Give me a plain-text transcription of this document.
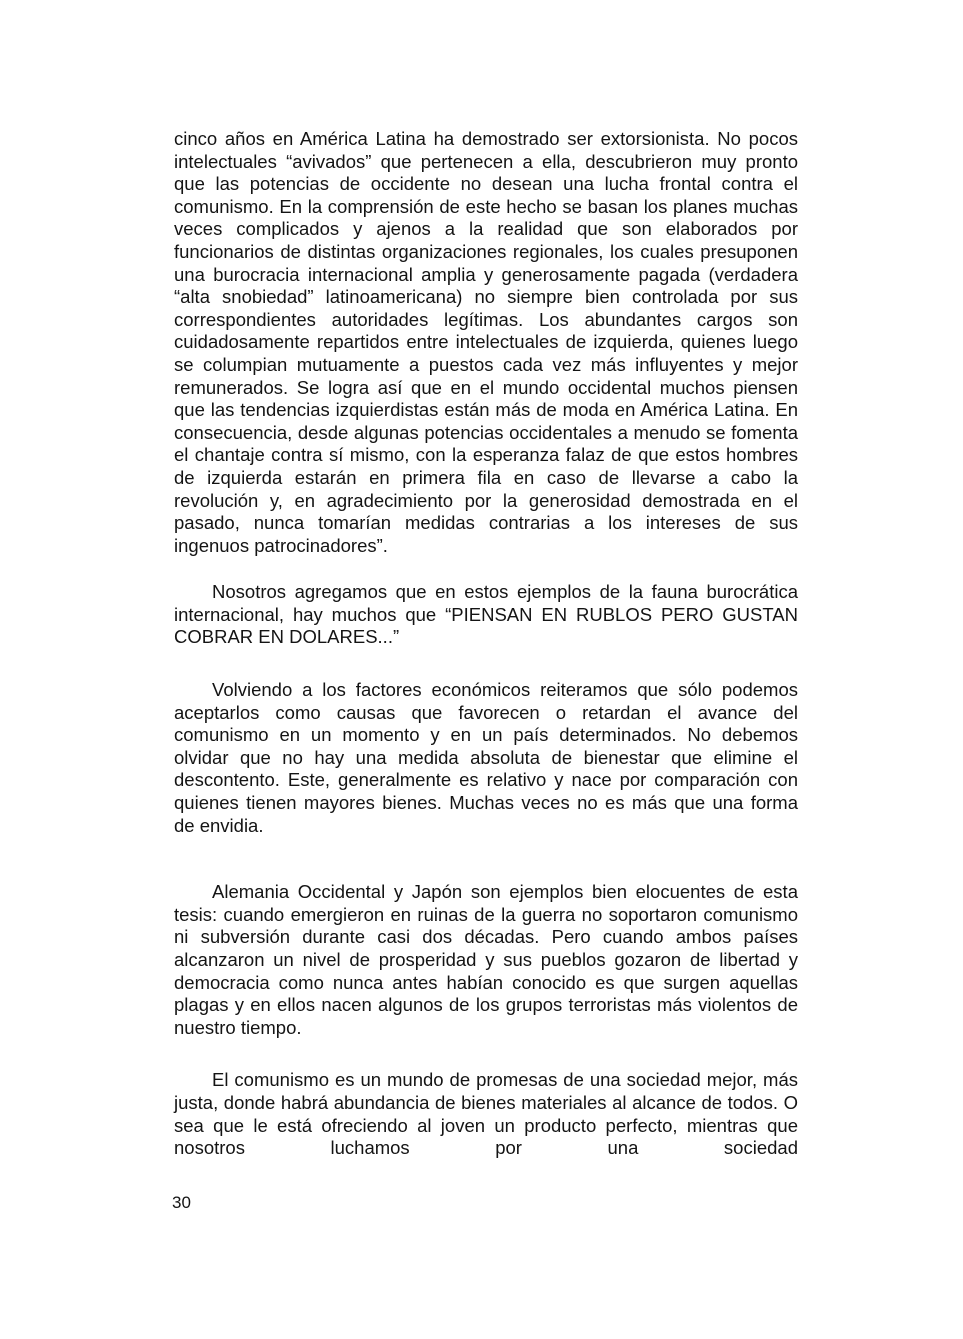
cinco años en América Latina ha demostrado ser extorsionista. No pocos intelectuales “avivados” que pertenecen a ella, descubrieron muy pronto que las potencias de occidente no desean una lucha frontal contra el comunismo. En la comprensión de este hecho se basan los planes muchas veces complicados y ajenos a la realidad que son elaborados por funcionarios de distintas organizaciones regionales, los cuales presuponen una burocracia internacional amplia y generosamente pagada (verdadera “alta snobiedad” latinoamericana) no siempre bien controlada por sus correspondientes autoridades legítimas. Los abundantes cargos son cuidadosamente repartidos entre intelectuales de izquierda, quienes luego se columpian mutuamente a puestos cada vez más influyentes y mejor remunerados. Se logra así que en el mundo occidental muchos piensen que las tendencias izquierdistas están más de moda en América Latina. En consecuencia, desde algunas potencias occidentales a menudo se fomenta el chantaje contra sí mismo, con la esperanza falaz de que estos hombres de izquierda estarán en primera fila en caso de llevarse a cabo la revolución y, en agradecimiento por la generosidad demostrada en el pasado, nunca tomarían medidas contrarias a los intereses de sus ingenuos patrocinadores”.

Nosotros agregamos que en estos ejemplos de la fauna burocrática internacional, hay muchos que “PIENSAN EN RUBLOS PERO GUSTAN COBRAR EN DOLARES...”

Volviendo a los factores económicos reiteramos que sólo podemos aceptarlos como causas que favorecen o retardan el avance del comunismo en un momento y en un país determinados. No debemos olvidar que no hay una medida absoluta de bienestar que elimine el descontento. Este, generalmente es relativo y nace por comparación con quienes tienen mayores bienes. Muchas veces no es más que una forma de envidia.

Alemania Occidental y Japón son ejemplos bien elocuentes de esta tesis: cuando emergieron en ruinas de la guerra no soportaron comunismo ni subversión durante casi dos décadas. Pero cuando ambos países alcanzaron un nivel de prosperidad y sus pueblos gozaron de libertad y democracia como nunca antes habían conocido es que surgen aquellas plagas y en ellos nacen algunos de los grupos terroristas más violentos de nuestro tiempo.

El comunismo es un mundo de promesas de una sociedad mejor, más justa, donde habrá abundancia de bienes materiales al alcance de todos. O sea que le está ofreciendo al joven un producto perfecto, mientras que nosotros luchamos por una sociedad

30
